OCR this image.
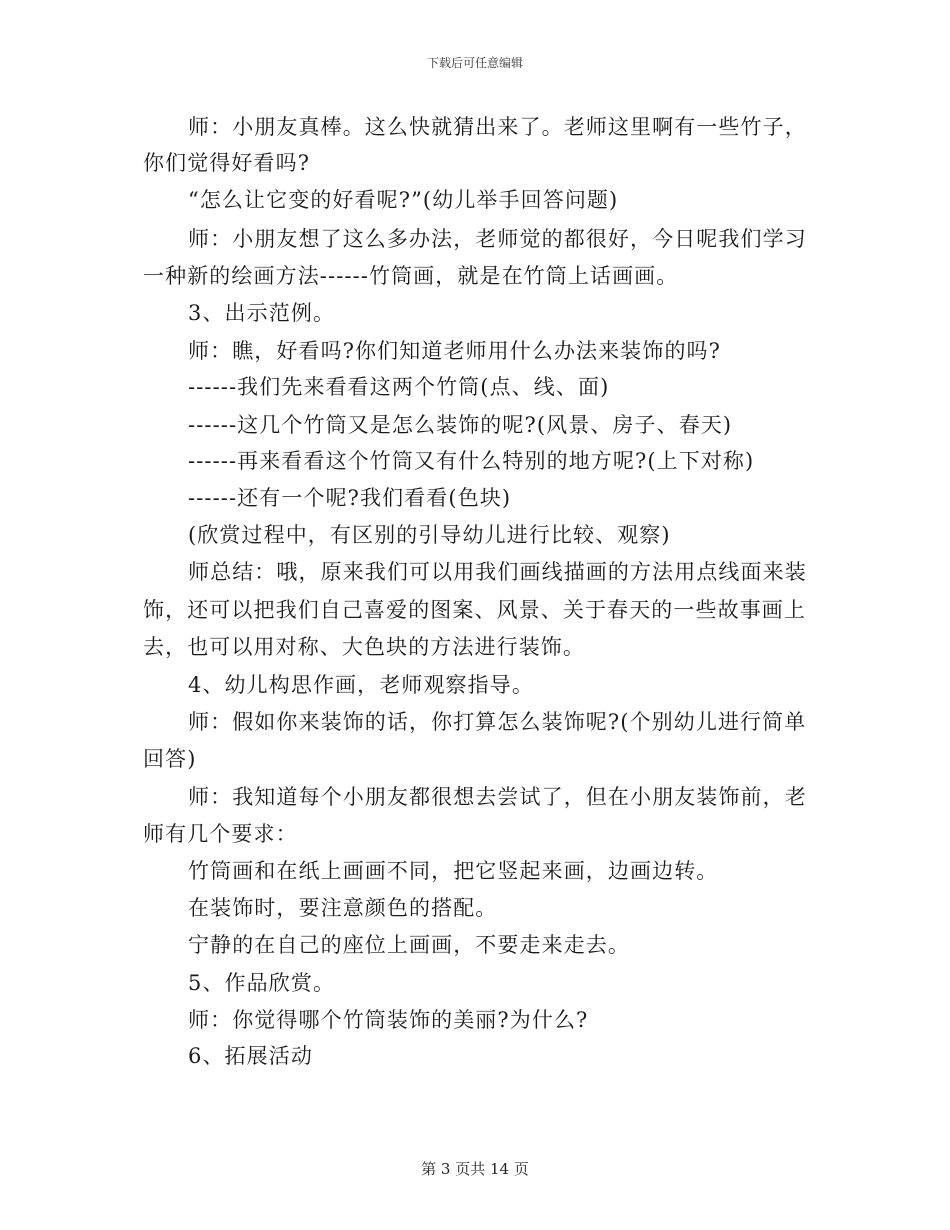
下载后可任意编辑
师：小朋友真棒。这么快就猜出来了。老师这里啊有一些竹子，
你们觉得好看吗?
“怎么让它变的好看呢?”(幼儿举手回答问题)
师：小朋友想了这么多办法，老师觉的都很好，今日呢我们学习
一种新的绘画方法------竹筒画，就是在竹筒上话画画。
3、出示范例。
师：瞧，好看吗?你们知道老师用什么办法来装饰的吗?
------我们先来看看这两个竹筒(点、线、面)
------这几个竹筒又是怎么装饰的呢?(风景、房子、春天)
------再来看看这个竹筒又有什么特别的地方呢?(上下对称)
------还有一个呢?我们看看(色块)
(欣赏过程中，有区别的引导幼儿进行比较、观察)
师总结：哦，原来我们可以用我们画线描画的方法用点线面来装
饰，还可以把我们自己喜爱的图案、风景、关于春天的一些故事画上
去，也可以用对称、大色块的方法进行装饰。
4、幼儿构思作画，老师观察指导。
师：假如你来装饰的话，你打算怎么装饰呢?(个别幼儿进行简单
回答)
师：我知道每个小朋友都很想去尝试了，但在小朋友装饰前，老
师有几个要求：
竹筒画和在纸上画画不同，把它竖起来画，边画边转。
在装饰时，要注意颜色的搭配。
宁静的在自己的座位上画画，不要走来走去。
5、作品欣赏。
师：你觉得哪个竹筒装饰的美丽?为什么?
6、拓展活动
第 3 页共 14 页
